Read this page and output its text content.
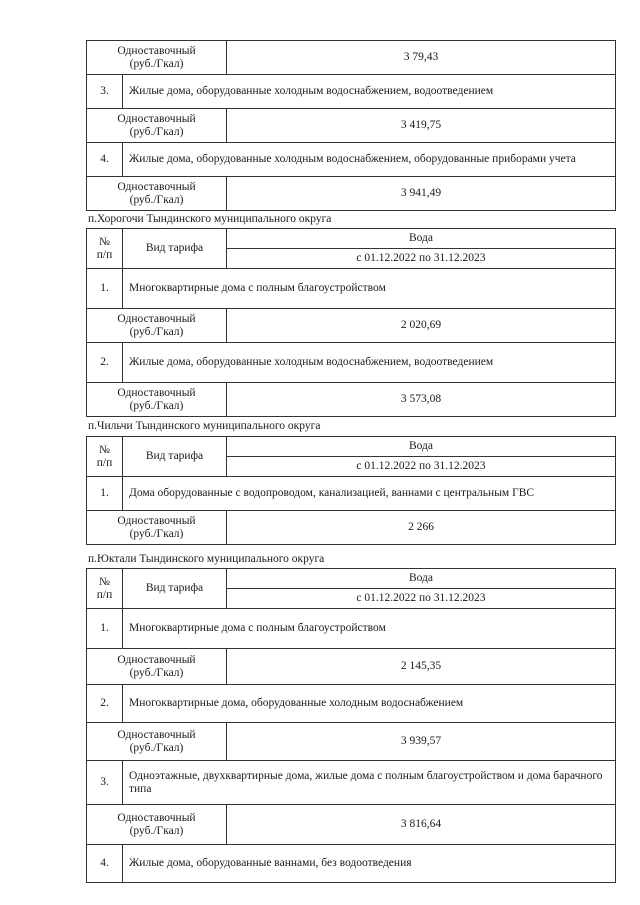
Одноставочный
(руб./Гкал)		3 79,43
3.	Жилые дома, оборудованные холодным водоснабжением, водоотведением	

Одноставочный
(руб./Гкал)		3 419,75
4.	Жилые дома, оборудованные холодным водоснабжением, оборудованные приборами учета	

Одноставочный
(руб./Гкал)		3 941,49
п.Хорогочи Тындинского муниципального округа
№
п/п	Вид тарифа	Вода
		с 01.12.2022 по 31.12.2023
1.	Многоквартирные дома с полным благоустройством	

Одноставочный
(руб./Гкал)		2 020,69
2.	Жилые дома, оборудованные холодным водоснабжением, водоотведением	

Одноставочный
(руб./Гкал)		3 573,08
п.Чильчи Тындинского муниципального округа
№
п/п	Вид тарифа	Вода
		с 01.12.2022 по 31.12.2023
1.	Дома оборудованные с водопроводом, канализацией, ваннами с центральным ГВС	

Одноставочный
(руб./Гкал)		2 266
п.Юктали Тындинского муниципального округа
№
п/п	Вид тарифа	Вода
		с 01.12.2022 по 31.12.2023
1.	Многоквартирные дома с полным благоустройством	

Одноставочный
(руб./Гкал)		2 145,35
2.	Многоквартирные дома, оборудованные холодным водоснабжением	

Одноставочный
(руб./Гкал)		3 939,57
3.	Одноэтажные, двухквартирные дома, жилые дома с полным благоустройством и дома барачного типа	

Одноставочный
(руб./Гкал)		3 816,64
4.	Жилые дома, оборудованные ваннами, без водоотведения	
